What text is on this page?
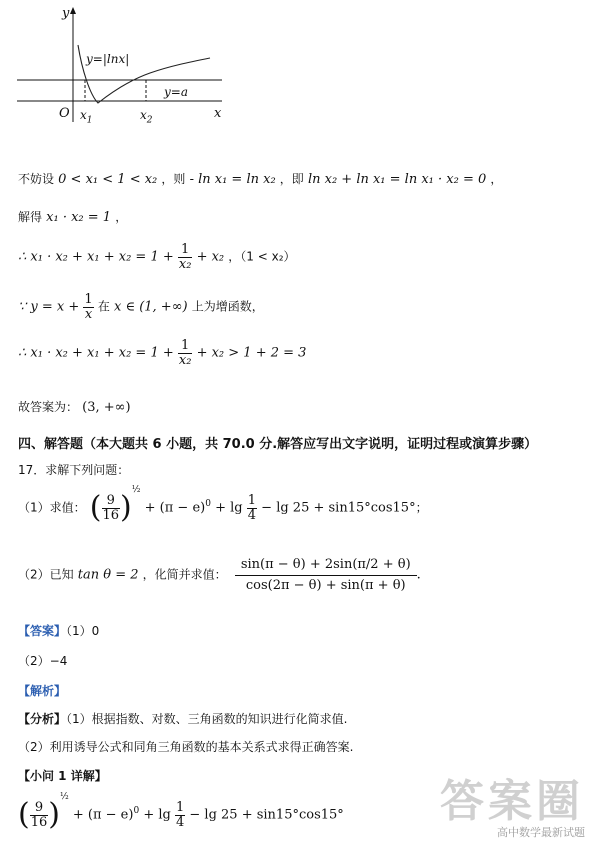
y
y=|lnx|
y=a
O $x_1$	$x_2$	x
不妨设 0 < x₁ < 1 < x₂ ，则 - ln x₁ = ln x₂ ，即 ln x₂ + ln x₁ = ln x₁ · x₂ = 0 ，
解得 x₁ · x₂ = 1 ，
∴ $x_1 \cdot x_2 + x_1 + x_2 = 1 + \frac{1}{\text{x₂}} + x_2$ ，（1 < x₂）
∵ $y = x + \frac{1}{x}$ 在 x ∈ (1, +∞) 上为增函数，
∴ $x_1 \cdot x_2 + x_1 + x_2 = 1 + \frac{1}{\text{x₂}} + x_2 > 1 + 2 = 3$
故答案为： (3, +∞)
四、解答题（本大题共 6 小题，共 70.0 分.解答应写出文字说明，证明过程或演算步骤）
17．求解下列问题：
（1）求值： ( $\frac{9}{16} )^{\frac{1}{2}} + (\pi - e)^0 + \lg \frac{1}{4} - \lg 25 + \sin 15^\circ\cos 15^\circ$；
（2）已知 tan θ = 2 ，化简并求值： $\frac{\sin(\pi - \theta) + 2\sin(\pi/2 + \theta)}{\cos(2\pi - \theta) + \sin(\pi + \theta)}$ .
【答案】（1）0
（2）−4
【解析】
【分析】（1）根据指数、对数、三角函数的知识进行化简求值.
（2）利用诱导公式和同角三角函数的基本关系式求得正确答案.
【小问 1 详解】
( $\frac{9}{16} )^{\frac{1}{2}} + (\pi - e)^0 + \lg \frac{1}{4} - \lg 25 + \sin 15^\circ\cos 15^\circ$ 答案圈
高中数学最新试题
